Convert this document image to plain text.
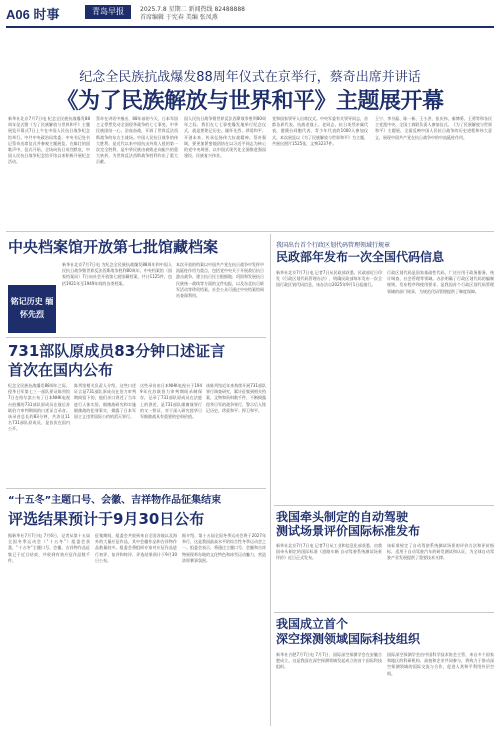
A06 时事	青岛早报	2025.7.8 星期二 新闻热线 82488888
首席编辑 于宪春 美编 张凤燕
纪念全民族抗战爆发88周年仪式在京举行，蔡奇出席并讲话
《为了民族解放与世界和平》主题展开幕
新华社北京7月7日电 纪念全民族抗战爆发88周年仪式暨《为了民族解放与世界和平》主题展览开幕式7日上午在中国人民抗日战争纪念馆举行。中共中央政治局常委、中央书记处书记蔡奇出席仪式并参观主题展览。在雄壮的国歌声中，仪式开始。全场向抗日英烈默哀，中国人民抗日战争纪念馆开馆以来积极开展纪念活动。
蔡奇在讲话中指出，88年前的今天，日本军国主义悍然发动全面侵华战争的七七事变，中华民族团结一心、浴血奋战，开辟了世界反法西斯战争的东方主战场。中国人民抗日战争的伟大胜利，是近代以来中国抗击外敌入侵的第一次完全胜利，是中华民族由衰败走向振兴的重大转折，为世界反法西斯战争胜利作出了重大贡献。
国人民抗日战争暨世界反法西斯战争胜利80周年之际，我们在七七事变爆发地举行纪念仪式，就是要铭记历史、缅怀先烈、珍爱和平、开创未来，传承弘扬伟大抗战精神。蔡奇强调，要更加紧密地团结在以习近平同志为核心的党中央周围，以中国式现代化全面推进强国建设、民族复兴伟业。
党和国家领导人出席仪式。中央军委有关领导同志，首都各界代表，抗战老战士、老同志、抗日英烈亲属代表，港澳台同胞代表，青少年代表约1000人参加仪式。本次展览以《为了民族解放与世界和平》为主题，共展出照片1525张，文物3237件。
王宁、李书磊、陈一新、王小洪、张庆伟、秦博勇、王勇等和各民主党派中央、全国工商联负责人参加仪式。《为了民族解放与世界和平》主题展，全面反映中国人民抗日战争的历史进程和伟大意义，展现中国共产党在抗日战争中的中流砥柱作用。
中央档案馆开放第七批馆藏档案
铭记历史 缅怀先烈
新华社北京7月7日电 为纪念全民族抗战爆发88周年和中国人民抗日战争暨世界反法西斯战争胜利80周年，中央档案馆（国家档案局）7日向社会开放第七批馆藏档案，共计1125件，包括1921年至1949年间的各类档案。
本次开放的档案以中国共产党在抗日战争中发挥中流砥柱作用为重点，包括党中央关于开展敌后抗日游击战争、建立抗日民主根据地、巩固和发展抗日民族统一战线等方面的文件电报，以及东北抗日联军活动等珍贵档案。社会公众可通过中央档案馆网站查阅利用。
731部队原成员83分钟口述证言
首次在国内公布
纪念全民族抗战爆发88周年之际，侵华日军第七三一部队罪证陈列馆7日在哈尔滨公布了日本NHK电视台拍摄的731部队原成员在战后苏联伯力审判期间的口述证言录音。该录音总长约83分钟，共涉及11名731部队原成员，是首次在国内公开。
陈列馆相关负责人介绍，这些口述证言是731部队原成员在伯力审判期间留下的，他们亲口讲述了当年进行人体实验、细菌战研究和实施细菌战的犯罪事实，揭露了日本军国主义违背国际公约的滔天罪行。
这些录音由日本NHK电视台于1949年在苏联伯力审判期间录制保存，记录了731部队原成员在法庭上的供述，是731部队细菌战罪行的又一铁证，对于深入研究侵华日军细菌战具有重要的史料价值。
该陈列馆近年来持续开展731部队罪行调查研究，累计征集到相关档案、文物和资料数千件，不断揭露侵华日军的战争罪行，警示后人铭记历史、珍爱和平、捍卫和平。
“十五冬”主题口号、会徽、吉祥物作品征集结束
评选结果预计于9月30日公布
据新华社7月7日电 7月6日，记者从第十五届全国冬季运动会（“十五冬”）组委会获悉，“十五冬”主题口号、会徽、吉祥物作品征集已于近日结束，共收到有效应征作品数千件。
征集期间，组委会共收到来自全国各地以及海外的大量应征作品，其中会徽作品和吉祥物作品数量较多。组委会将组织专家对应征作品进行初评、复评和终评，评选结果预计于9月30日公布。
据介绍，第十五届全国冬季运动会将于2027年举行，这是我国最高水平的综合性冬季运动会之一。组委会表示，将通过主题口号、会徽和吉祥物展现举办地的文化特色和冰雪运动魅力，营造浓厚赛事氛围。
我国出台首个行政区划代码管理领域行规章
民政部年发布一次全国代码信息
新华社北京7月7日电 记者7日从民政部获悉，民政部近日印发《行政区划代码管理办法》，明确民政部每年发布一次全国行政区划代码信息，该办法自2025年9月1日起施行。
行政区划代码是国家基础性代码，广泛应用于政务服务、统计调查、社会管理等领域。办法明确了行政区划代码的编制规则、发布程序和使用要求，是我国首个行政区划代码管理领域的部门规章，为规范代码管理提供了制度保障。
我国牵头制定的自动驾驶
测试场景评价国际标准发布
新华社北京7月7日电 记者7日从工业和信息化部获悉，由我国牵头制定的国际标准《道路车辆 自动驾驶系统测试场景 评价》近日正式发布。
该标准规定了自动驾驶系统测试场景的评价方法和评价指标，适用于自动驾驶汽车的研发测试和认证，为全球自动驾驶产业发展提供了重要技术支撑。
我国成立首个
深空探测领域国际科技组织
新华社合肥7月7日电 7月7日，国际深空探测学会在安徽合肥成立。这是我国在深空探测领域发起成立的首个国际科技组织。
国际深空探测学会由中国科学技术协会主管，来自多个国家和地区的科研机构、高校和企业共同参与，将致力于推动深空探测领域的国际交流与合作，促进人类和平利用外层空间。
